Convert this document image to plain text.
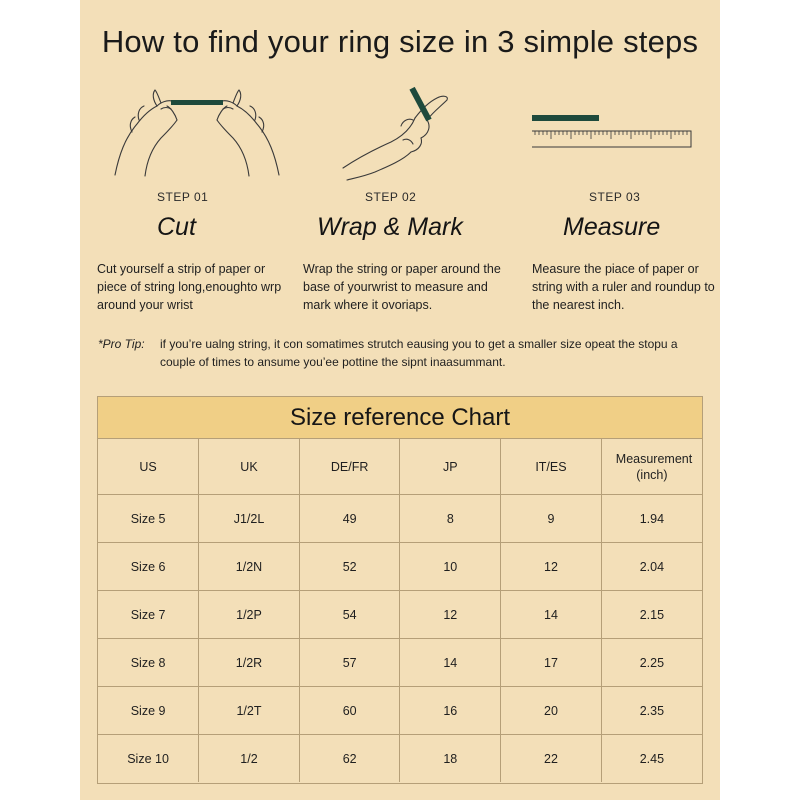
How to find your ring size in 3 simple steps
STEP 01
Cut
Cut yourself a strip of paper or piece of string long,enoughto wrp around your wrist
STEP 02
Wrap & Mark
Wrap the string or paper around the base of yourwrist to measure and mark where it ovoriaps.
STEP 03
Measure
Measure the piace of paper or string with a ruler and roundup to the nearest inch.
*Pro Tip: if you’re ualng string, it con somatimes strutch eausing you to get a smaller size opeat the stopu a couple of times to ansume you’ee pottine the sipnt inaasummant.
Size reference Chart
US	UK	DE/FR	JP	IT/ES	Measurement (inch)
Size 5	J1/2L	49	8	9	1.94
Size 6	1/2N	52	10	12	2.04
Size 7	1/2P	54	12	14	2.15
Size 8	1/2R	57	14	17	2.25
Size 9	1/2T	60	16	20	2.35
Size 10	1/2	62	18	22	2.45
